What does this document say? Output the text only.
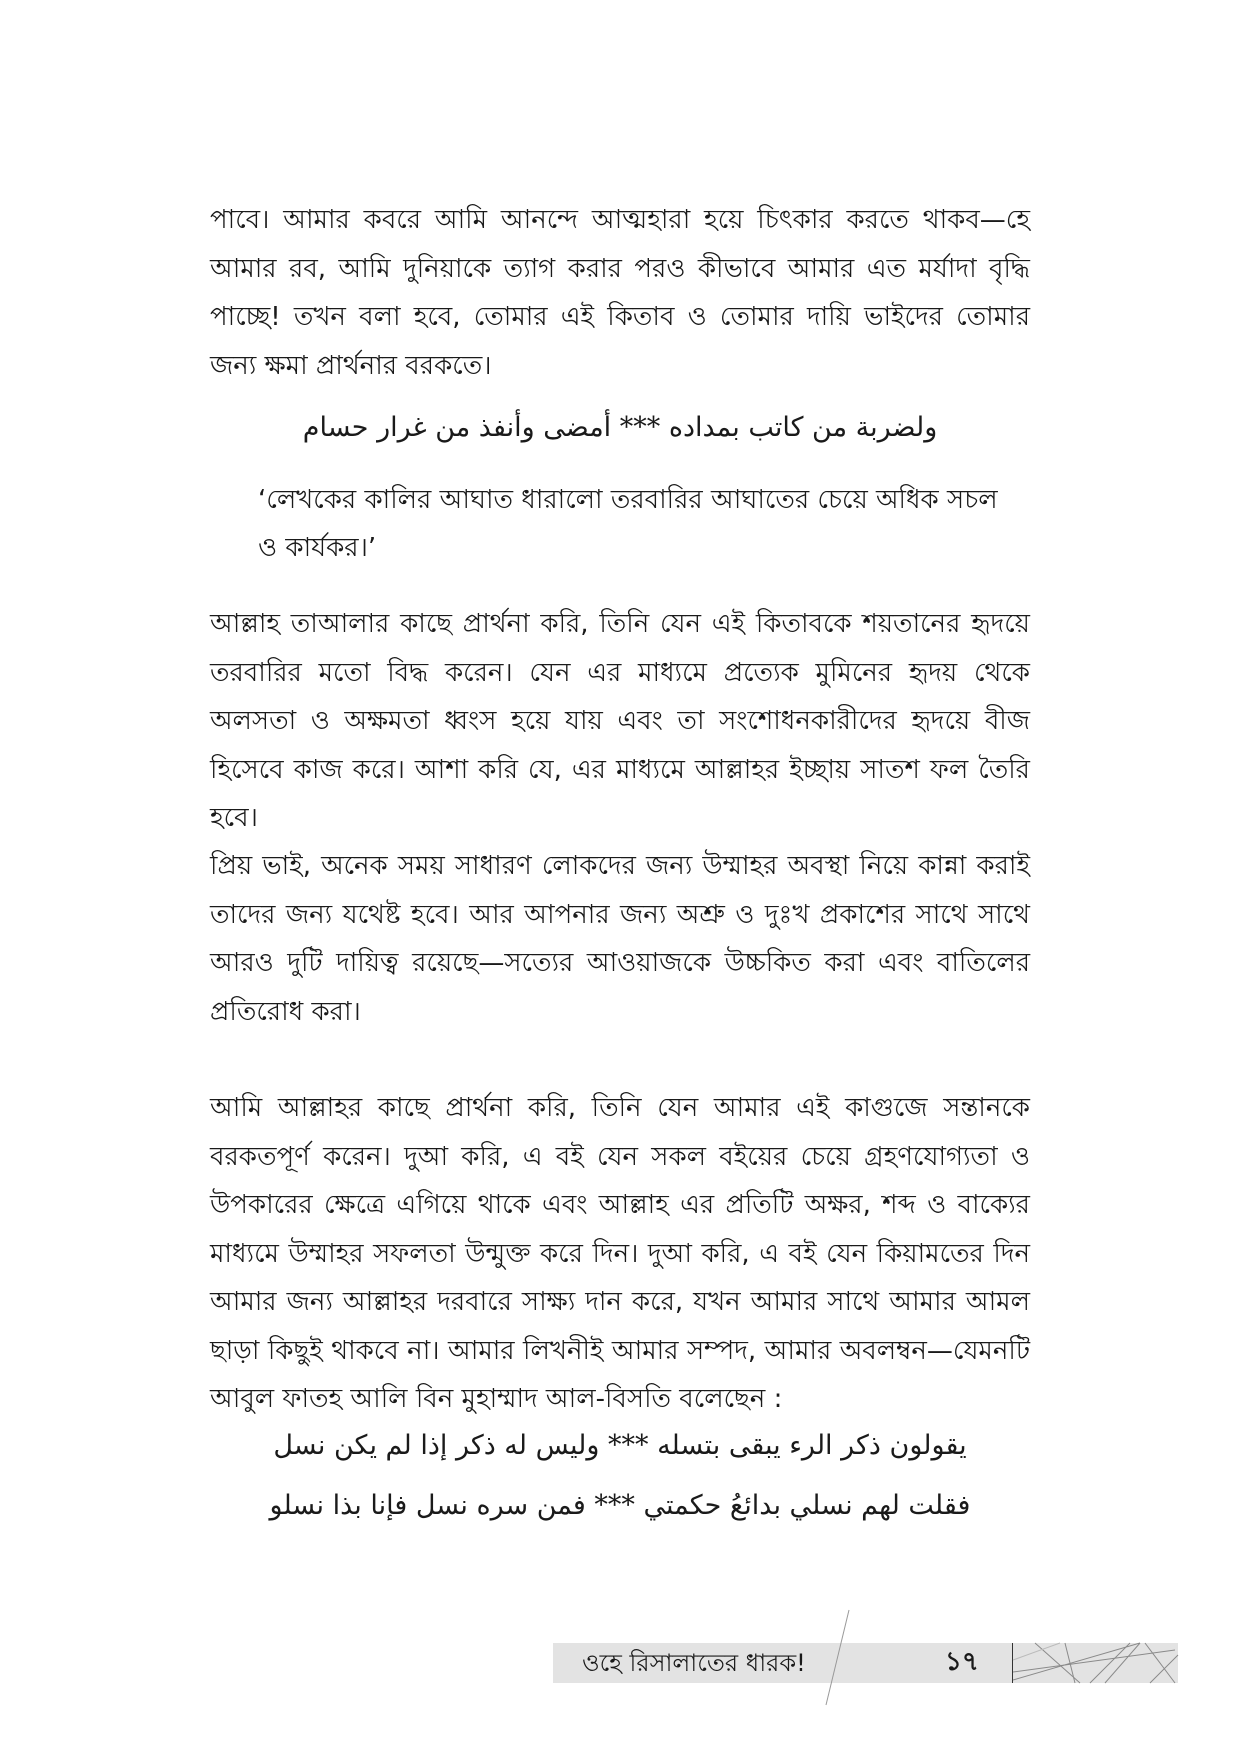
পাবে। আমার কবরে আমি আনন্দে আত্মহারা হয়ে চিৎকার করতে থাকব—হে আমার রব, আমি দুনিয়াকে ত্যাগ করার পরও কীভাবে আমার এত মর্যাদা বৃদ্ধি পাচ্ছে! তখন বলা হবে, তোমার এই কিতাব ও তোমার দায়ি ভাইদের তোমার জন্য ক্ষমা প্রার্থনার বরকতে।
ولضربة من كاتب بمداده *** أمضى وأنفذ من غرار حسام
‘লেখকের কালির আঘাত ধারালো তরবারির আঘাতের চেয়ে অধিক সচল ও কার্যকর।’
আল্লাহ তাআলার কাছে প্রার্থনা করি, তিনি যেন এই কিতাবকে শয়তানের হৃদয়ে তরবারির মতো বিদ্ধ করেন। যেন এর মাধ্যমে প্রত্যেক মুমিনের হৃদয় থেকে অলসতা ও অক্ষমতা ধ্বংস হয়ে যায় এবং তা সংশোধনকারীদের হৃদয়ে বীজ হিসেবে কাজ করে। আশা করি যে, এর মাধ্যমে আল্লাহর ইচ্ছায় সাতশ ফল তৈরি হবে।
প্রিয় ভাই, অনেক সময় সাধারণ লোকদের জন্য উম্মাহর অবস্থা নিয়ে কান্না করাই তাদের জন্য যথেষ্ট হবে। আর আপনার জন্য অশ্রু ও দুঃখ প্রকাশের সাথে সাথে আরও দুটি দায়িত্ব রয়েছে—সত্যের আওয়াজকে উচ্চকিত করা এবং বাতিলের প্রতিরোধ করা।
আমি আল্লাহর কাছে প্রার্থনা করি, তিনি যেন আমার এই কাগুজে সন্তানকে বরকতপূর্ণ করেন। দুআ করি, এ বই যেন সকল বইয়ের চেয়ে গ্রহণযোগ্যতা ও উপকারের ক্ষেত্রে এগিয়ে থাকে এবং আল্লাহ এর প্রতিটি অক্ষর, শব্দ ও বাক্যের মাধ্যমে উম্মাহর সফলতা উন্মুক্ত করে দিন। দুআ করি, এ বই যেন কিয়ামতের দিন আমার জন্য আল্লাহর দরবারে সাক্ষ্য দান করে, যখন আমার সাথে আমার আমল ছাড়া কিছুই থাকবে না। আমার লিখনীই আমার সম্পদ, আমার অবলম্বন—যেমনটি আবুল ফাতহ আলি বিন মুহাম্মাদ আল-বিসতি বলেছেন :
يقولون ذكر الرء يبقى بتسله *** وليس له ذكر إذا لم يكن نسل
فقلت لهم نسلي بدائعُ حكمتي *** فمن سره نسل فإنا بذا نسلو
ওহে রিসালাতের ধারক!	১৭
